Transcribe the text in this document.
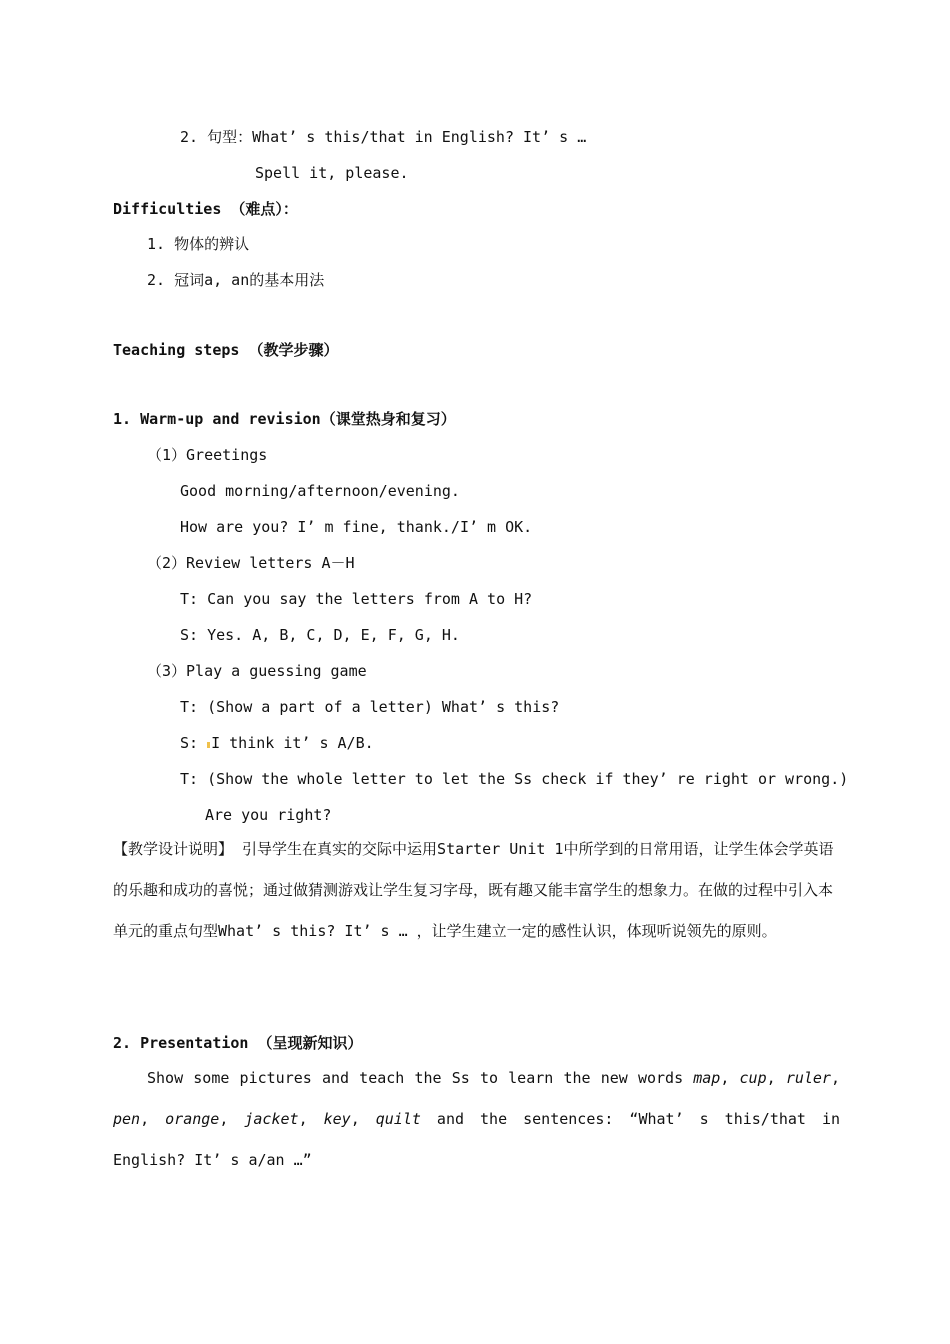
2. 句型：What’ s this/that in English? It’ s …
Spell it, please.
Difficulties （难点）：
1. 物体的辨认
2. 冠词a, an的基本用法
Teaching steps （教学步骤）
1. Warm-up and revision（课堂热身和复习）
（1）Greetings
Good morning/afternoon/evening.
How are you? I’ m fine, thank./I’ m OK.
（2）Review letters A－H
T: Can you say the letters from A to H?
S: Yes. A, B, C, D, E, F, G, H.
（3）Play a guessing game
T: (Show a part of a letter) What’ s this?
S: I think it’ s A/B.
T: (Show the whole letter to let the Ss check if they’ re right or wrong.)
Are you right?
【教学设计说明】 引导学生在真实的交际中运用Starter Unit 1中所学到的日常用语，让学生体会学英语的乐趣和成功的喜悦；通过做猜测游戏让学生复习字母，既有趣又能丰富学生的想象力。在做的过程中引入本单元的重点句型What’ s this? It’ s … ，让学生建立一定的感性认识，体现听说领先的原则。
2. Presentation （呈现新知识）
Show some pictures and teach the Ss to learn the new words map, cup, ruler, pen, orange, jacket, key, quilt and the sentences: “What’ s this/that in English? It’ s a/an …”
